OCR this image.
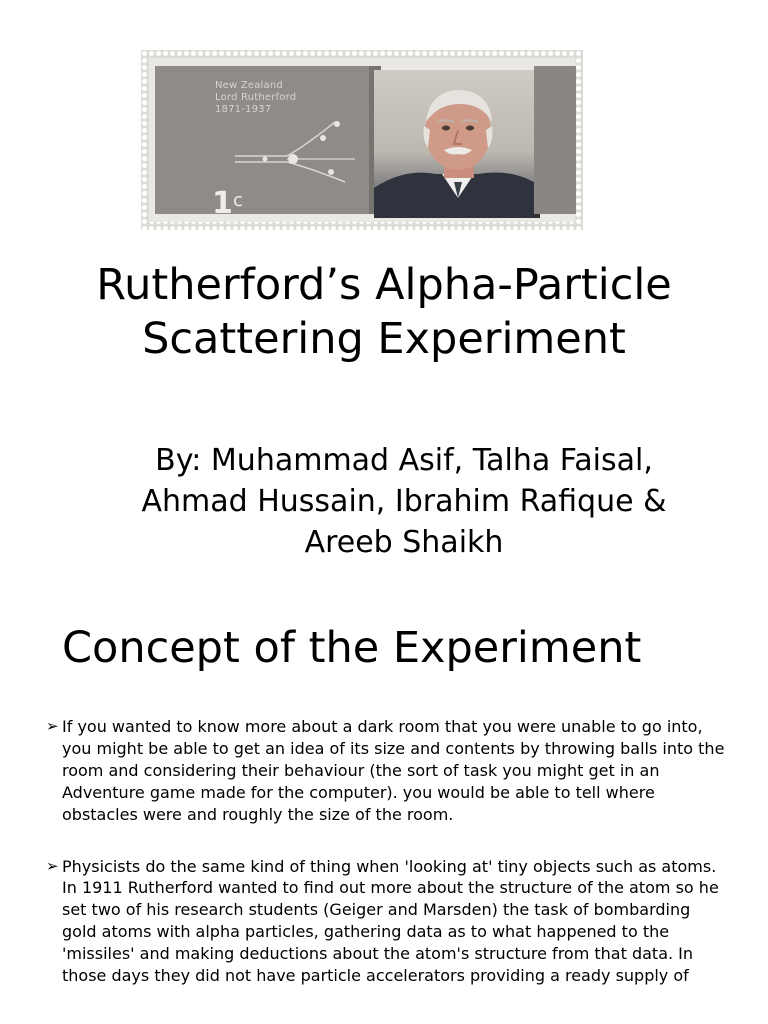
New Zealand
Lord Rutherford
1871-1937
1 c
Rutherford’s Alpha-Particle
Scattering Experiment

By: Muhammad Asif, Talha Faisal,
Ahmad Hussain, Ibrahim Rafique &
Areeb Shaikh

Concept of the Experiment
➢ If you wanted to know more about a dark room that you were unable to go into, you might be able to get an idea of its size and contents by throwing balls into the room and considering their behaviour (the sort of task you might get in an Adventure game made for the computer). you would be able to tell where obstacles were and roughly the size of the room.
➢ Physicists do the same kind of thing when 'looking at' tiny objects such as atoms. In 1911 Rutherford wanted to find out more about the structure of the atom so he set two of his research students (Geiger and Marsden) the task of bombarding gold atoms with alpha particles, gathering data as to what happened to the 'missiles' and making deductions about the atom's structure from that data. In those days they did not have particle accelerators providing a ready supply of
